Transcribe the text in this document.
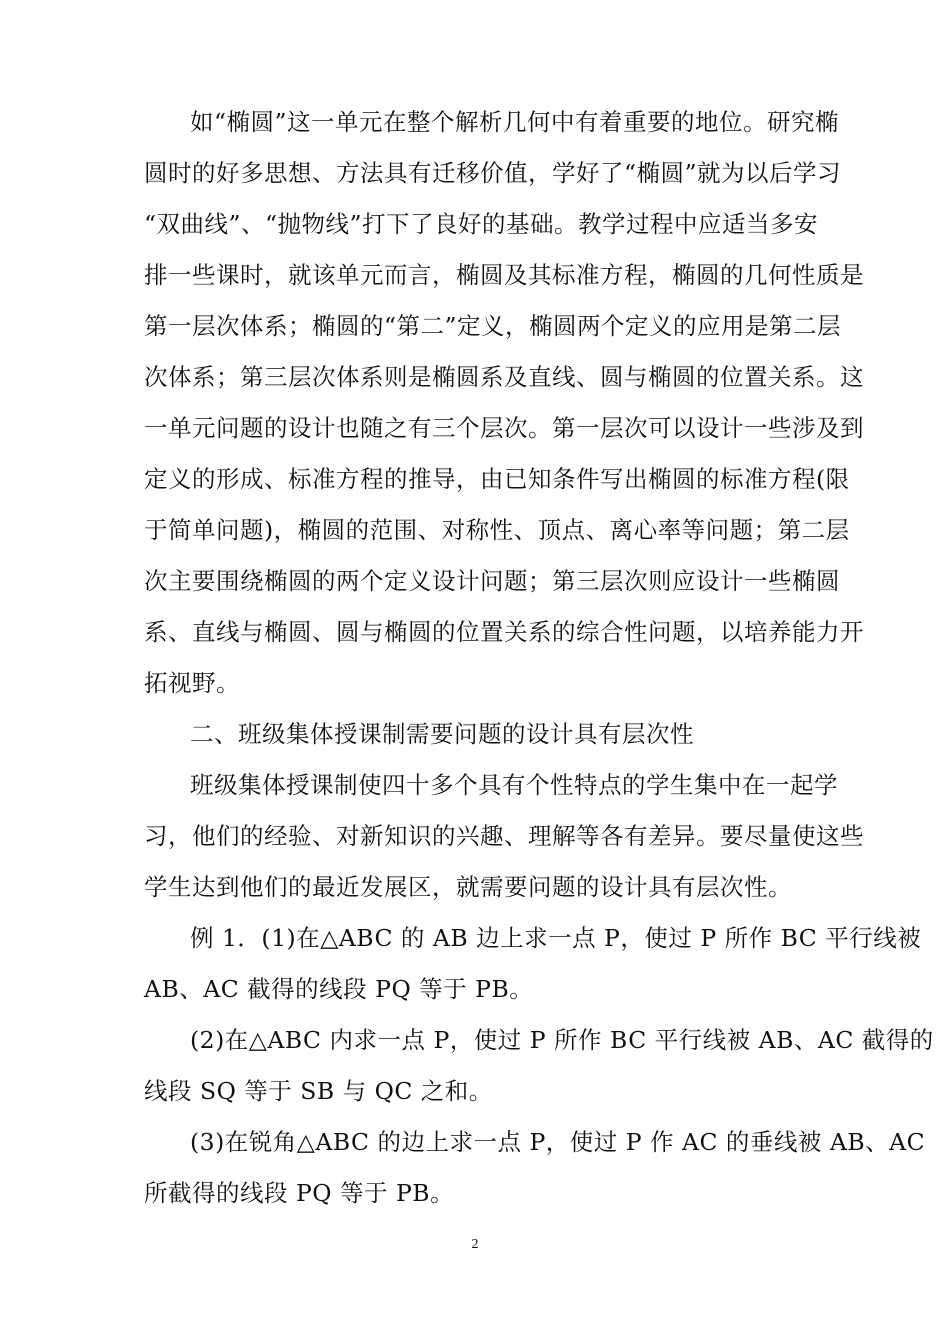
如“椭圆”这一单元在整个解析几何中有着重要的地位。研究椭
圆时的好多思想、方法具有迁移价值，学好了“椭圆”就为以后学习
“双曲线”、“抛物线”打下了良好的基础。教学过程中应适当多安
排一些课时，就该单元而言，椭圆及其标准方程，椭圆的几何性质是
第一层次体系；椭圆的“第二”定义，椭圆两个定义的应用是第二层
次体系；第三层次体系则是椭圆系及直线、圆与椭圆的位置关系。这
一单元问题的设计也随之有三个层次。第一层次可以设计一些涉及到
定义的形成、标准方程的推导，由已知条件写出椭圆的标准方程(限
于简单问题)，椭圆的范围、对称性、顶点、离心率等问题；第二层
次主要围绕椭圆的两个定义设计问题；第三层次则应设计一些椭圆
系、直线与椭圆、圆与椭圆的位置关系的综合性问题，以培养能力开
拓视野。
二、班级集体授课制需要问题的设计具有层次性
班级集体授课制使四十多个具有个性特点的学生集中在一起学
习，他们的经验、对新知识的兴趣、理解等各有差异。要尽量使这些
学生达到他们的最近发展区，就需要问题的设计具有层次性。
例 1．(1)在△ABC 的 AB 边上求一点 P，使过 P 所作 BC 平行线被
AB、AC 截得的线段 PQ 等于 PB。
(2)在△ABC 内求一点 P，使过 P 所作 BC 平行线被 AB、AC 截得的
线段 SQ 等于 SB 与 QC 之和。
(3)在锐角△ABC 的边上求一点 P，使过 P 作 AC 的垂线被 AB、AC
所截得的线段 PQ 等于 PB。
2
